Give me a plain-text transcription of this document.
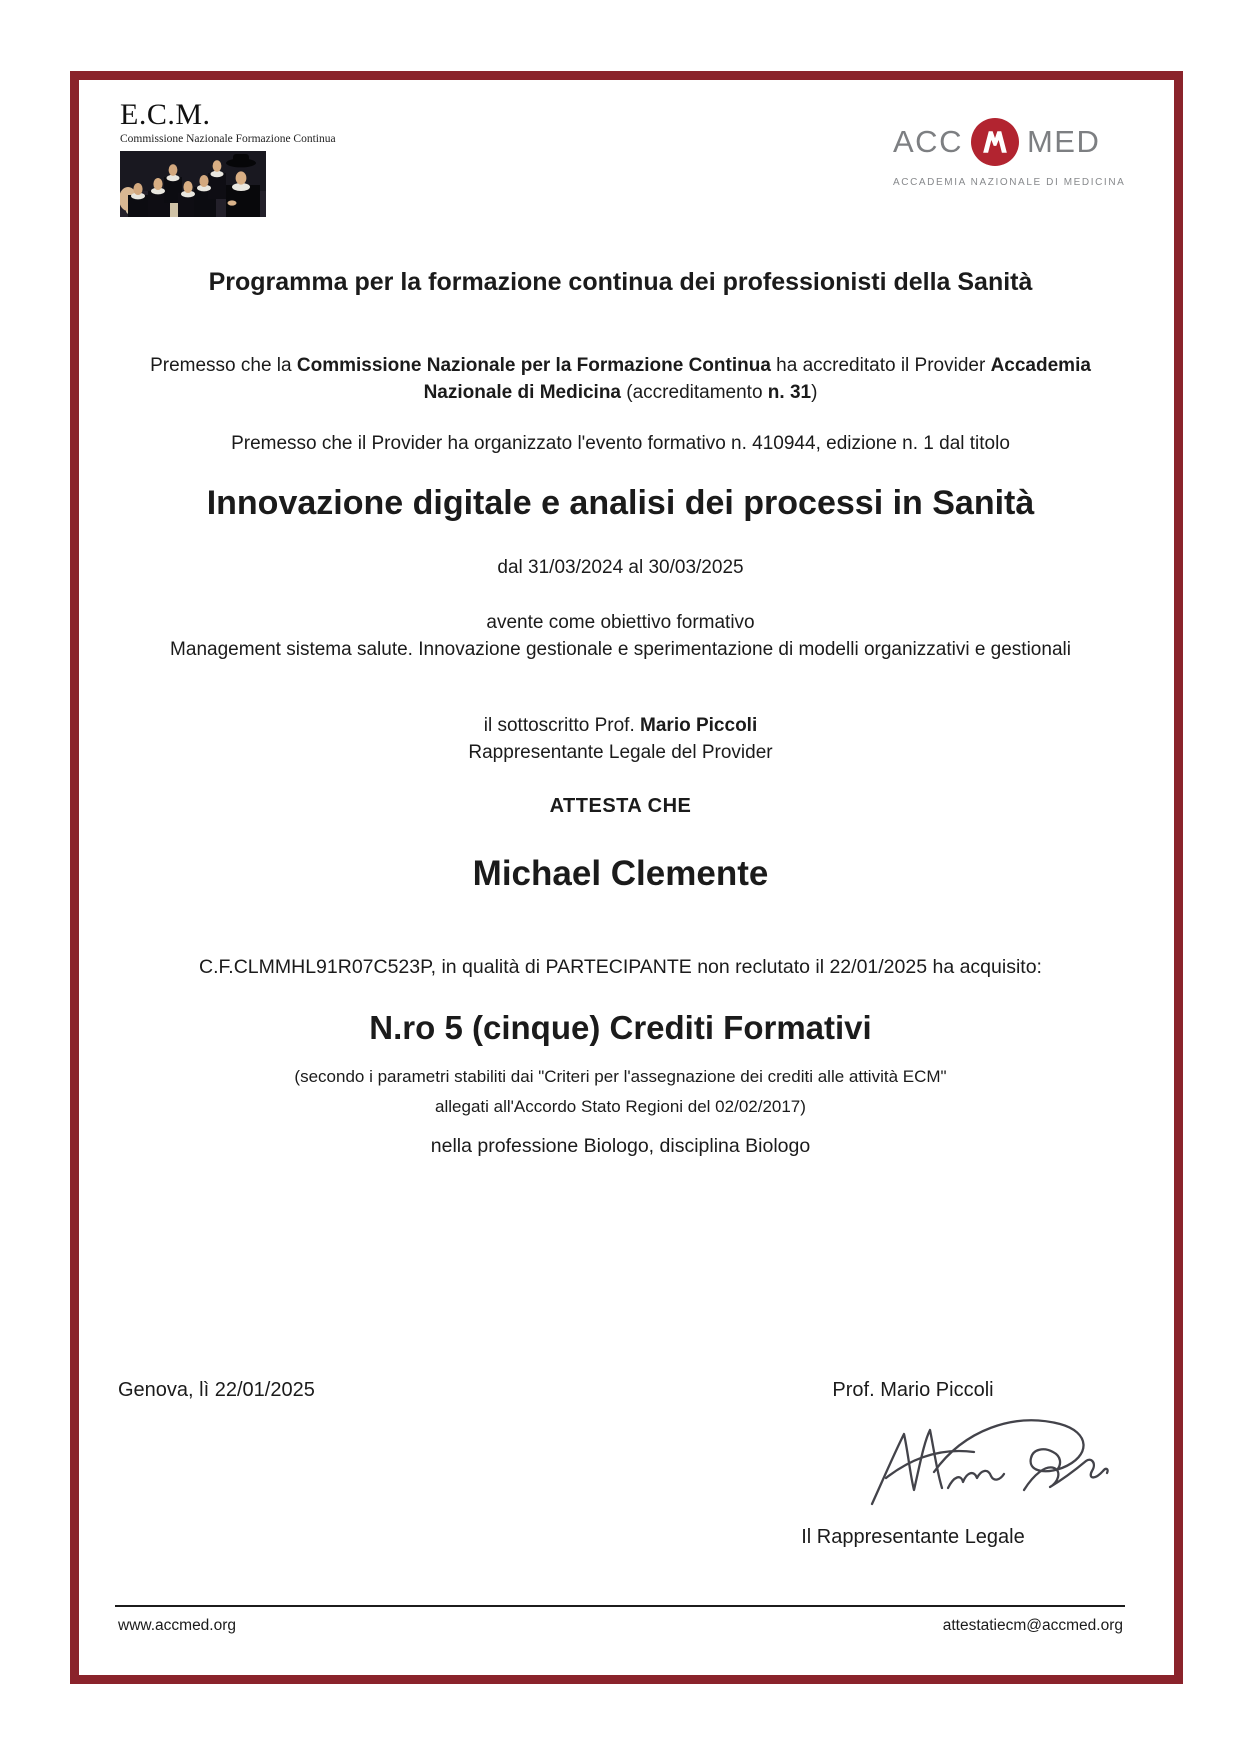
E.C.M.
Commissione Nazionale Formazione Continua	ACC MED
ACCADEMIA NAZIONALE DI MEDICINA
Programma per la formazione continua dei professionisti della Sanità
Premesso che la Commissione Nazionale per la Formazione Continua ha accreditato il Provider Accademia Nazionale di Medicina (accreditamento n. 31)
Premesso che il Provider ha organizzato l'evento formativo n. 410944, edizione n. 1 dal titolo
Innovazione digitale e analisi dei processi in Sanità
dal 31/03/2024 al 30/03/2025
avente come obiettivo formativo
Management sistema salute. Innovazione gestionale e sperimentazione di modelli organizzativi e gestionali
il sottoscritto Prof. Mario Piccoli
Rappresentante Legale del Provider
ATTESTA CHE
Michael Clemente
C.F.CLMMHL91R07C523P, in qualità di PARTECIPANTE non reclutato il 22/01/2025 ha acquisito:
N.ro 5 (cinque) Crediti Formativi
(secondo i parametri stabiliti dai "Criteri per l'assegnazione dei crediti alle attività ECM"
allegati all'Accordo Stato Regioni del 02/02/2017)
nella professione Biologo, disciplina Biologo
Genova, lì 22/01/2025	Prof. Mario Piccoli
Il Rappresentante Legale
www.accmed.org	attestatiecm@accmed.org
